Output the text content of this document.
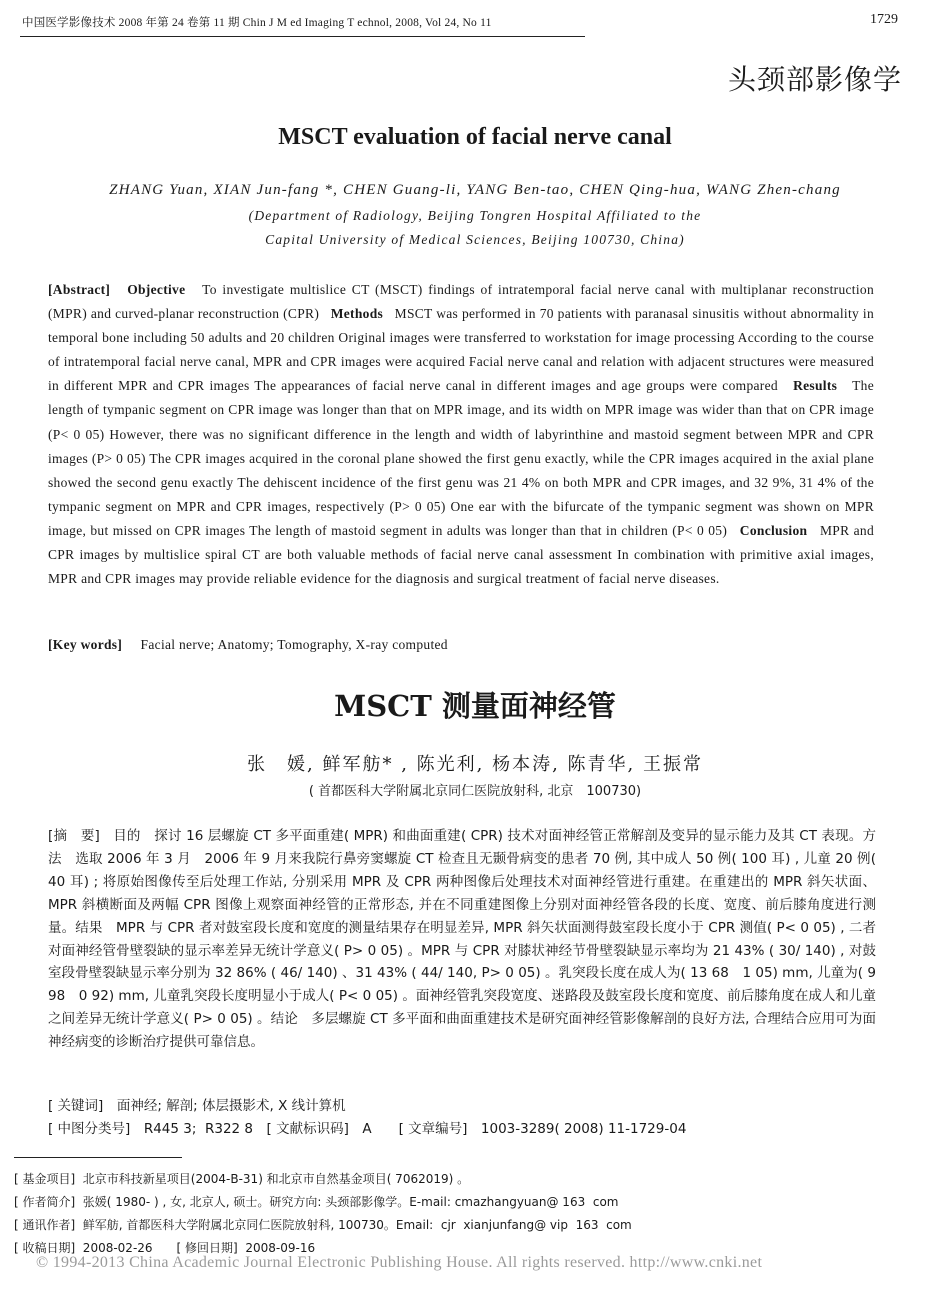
中国医学影像技术 2008 年第 24 卷第 11 期 Chin J M ed Imaging T echnol, 2008, Vol 24, No 11	1729
头颈部影像学
MSCT evaluation of facial nerve canal
ZHANG Yuan, XIAN Jun-fang *, CHEN Guang-li, YANG Ben-tao, CHEN Qing-hua, WANG Zhen-chang
(Department of Radiology, Beijing Tongren Hospital Affiliated to the
Capital University of Medical Sciences, Beijing 100730, China)
[Abstract] Objective To investigate multislice CT (MSCT) findings of intratemporal facial nerve canal with multiplanar reconstruction (MPR) and curved-planar reconstruction (CPR) Methods MSCT was performed in 70 patients with paranasal sinusitis without abnormality in temporal bone including 50 adults and 20 children Original images were transferred to workstation for image processing According to the course of intratemporal facial nerve canal, MPR and CPR images were acquired Facial nerve canal and relation with adjacent structures were measured in different MPR and CPR images The appearances of facial nerve canal in different images and age groups were compared Results The length of tympanic segment on CPR image was longer than that on MPR image, and its width on MPR image was wider than that on CPR image (P< 0 05) However, there was no significant difference in the length and width of labyrinthine and mastoid segment between MPR and CPR images (P> 0 05) The CPR images acquired in the coronal plane showed the first genu exactly, while the CPR images acquired in the axial plane showed the second genu exactly The dehiscent incidence of the first genu was 21 4% on both MPR and CPR images, and 32 9%, 31 4% of the tympanic segment on MPR and CPR images, respectively (P> 0 05) One ear with the bifurcate of the tympanic segment was shown on MPR image, but missed on CPR images The length of mastoid segment in adults was longer than that in children (P< 0 05) Conclusion MPR and CPR images by multislice spiral CT are both valuable methods of facial nerve canal assessment In combination with primitive axial images, MPR and CPR images may provide reliable evidence for the diagnosis and surgical treatment of facial nerve diseases.
[Key words] Facial nerve; Anatomy; Tomography, X-ray computed
MSCT 测量面神经管
张　媛, 鲜军舫* , 陈光利, 杨本涛, 陈青华, 王振常
( 首都医科大学附属北京同仁医院放射科, 北京　100730)
[摘　要] 目的　探讨 16 层螺旋 CT 多平面重建( MPR) 和曲面重建( CPR) 技术对面神经管正常解剖及变异的显示能力及其 CT 表现。方法　选取 2006 年 3 月　2006 年 9 月来我院行鼻旁窦螺旋 CT 检查且无颞骨病变的患者 70 例, 其中成人 50 例( 100 耳) , 儿童 20 例( 40 耳) ; 将原始图像传至后处理工作站, 分别采用 MPR 及 CPR 两种图像后处理技术对面神经管进行重建。在重建出的 MPR 斜矢状面、MPR 斜横断面及两幅 CPR 图像上观察面神经管的正常形态, 并在不同重建图像上分别对面神经管各段的长度、宽度、前后膝角度进行测量。结果　MPR 与 CPR 者对鼓室段长度和宽度的测量结果存在明显差异, MPR 斜矢状面测得鼓室段长度小于 CPR 测值( P< 0 05) , 二者对面神经管骨壁裂缺的显示率差异无统计学意义( P> 0 05) 。MPR 与 CPR 对膝状神经节骨壁裂缺显示率均为 21 43% ( 30/ 140) , 对鼓室段骨壁裂缺显示率分别为 32 86% ( 46/ 140) 、31 43% ( 44/ 140, P> 0 05) 。乳突段长度在成人为( 13 68　1 05) mm, 儿童为( 9 98　0 92) mm, 儿童乳突段长度明显小于成人( P< 0 05) 。面神经管乳突段宽度、迷路段及鼓室段长度和宽度、前后膝角度在成人和儿童之间差异无统计学意义( P> 0 05) 。结论　多层螺旋 CT 多平面和曲面重建技术是研究面神经管影像解剖的良好方法, 合理结合应用可为面神经病变的诊断治疗提供可靠信息。
[ 关键词]　面神经; 解剖; 体层摄影术, X 线计算机
[ 中图分类号]　R445 3;  R322 8　[ 文献标识码]　A　　[ 文章编号]　1003-3289( 2008) 11-1729-04
[ 基金项目]  北京市科技新星项目(2004-B-31) 和北京市自然基金项目( 7062019) 。
[ 作者简介]  张媛( 1980- ) , 女, 北京人, 硕士。研究方向: 头颈部影像学。E-mail: cmazhangyuan@ 163  com
[ 通讯作者]  鲜军舫, 首都医科大学附属北京同仁医院放射科, 100730。Email:  cjr  xianjunfang@ vip  163  com
[ 收稿日期]  2008-02-26　　[ 修回日期]  2008-09-16
© 1994-2013 China Academic Journal Electronic Publishing House. All rights reserved. http://www.cnki.net
